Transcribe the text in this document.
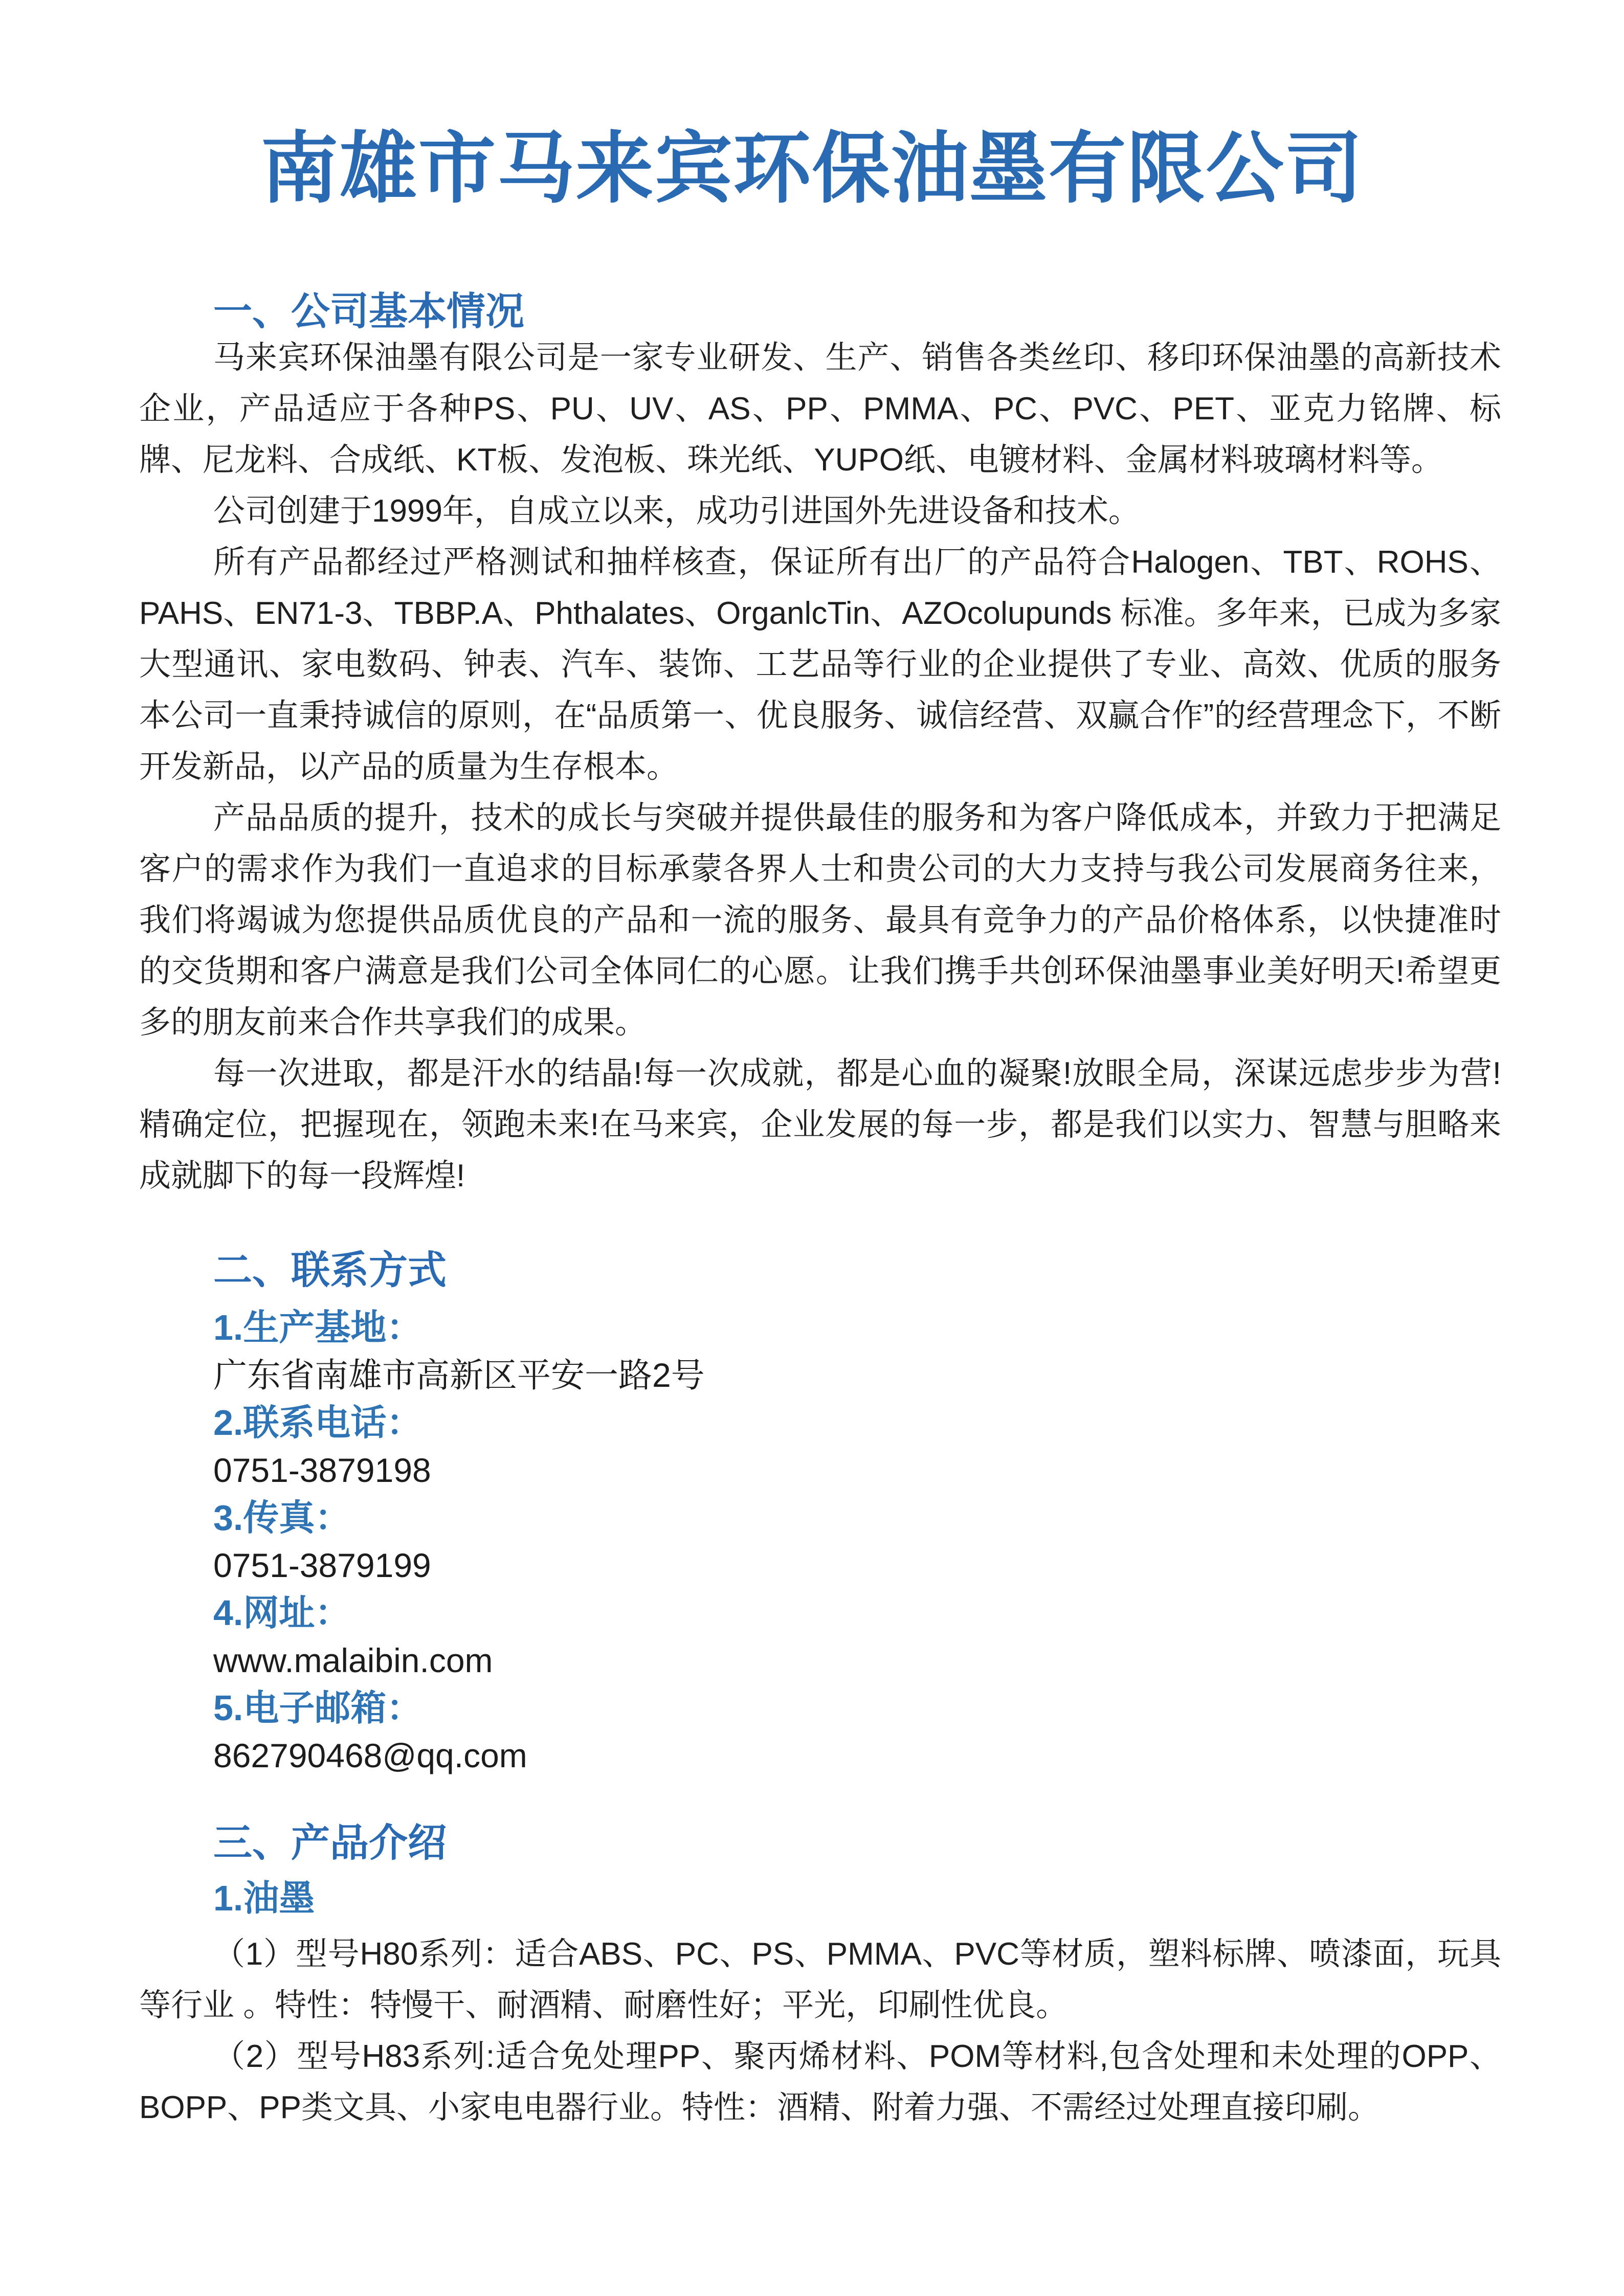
南雄市马来宾环保油墨有限公司
一、公司基本情况

马来宾环保油墨有限公司是一家专业研发、生产、销售各类丝印、移印环保油墨的高新技术企业，产品适应于各种PS、PU、UV、AS、PP、PMMA、PC、PVC、PET、亚克力铭牌、标牌、尼龙料、合成纸、KT板、发泡板、珠光纸、YUPO纸、电镀材料、金属材料玻璃材料等。

公司创建于1999年，自成立以来，成功引进国外先进设备和技术。

所有产品都经过严格测试和抽样核查，保证所有出厂的产品符合Halogen、TBT、ROHS、PAHS、EN71-3、TBBP.A、Phthalates、OrganlcTin、AZOcolupunds 标准。多年来，已成为多家大型通讯、家电数码、钟表、汽车、装饰、工艺品等行业的企业提供了专业、高效、优质的服务本公司一直秉持诚信的原则，在“品质第一、优良服务、诚信经营、双赢合作”的经营理念下，不断开发新品，以产品的质量为生存根本。

产品品质的提升，技术的成长与突破并提供最佳的服务和为客户降低成本，并致力于把满足客户的需求作为我们一直追求的目标承蒙各界人士和贵公司的大力支持与我公司发展商务往来，我们将竭诚为您提供品质优良的产品和一流的服务、最具有竞争力的产品价格体系，以快捷准时的交货期和客户满意是我们公司全体同仁的心愿。让我们携手共创环保油墨事业美好明天!希望更多的朋友前来合作共享我们的成果。

每一次进取，都是汗水的结晶!每一次成就，都是心血的凝聚!放眼全局，深谋远虑步步为营!精确定位，把握现在，领跑未来!在马来宾，企业发展的每一步，都是我们以实力、智慧与胆略来成就脚下的每一段辉煌!

二、联系方式
1.生产基地：
广东省南雄市高新区平安一路2号
2.联系电话：
0751-3879198
3.传真：
0751-3879199
4.网址：
www.malaibin.com
5.电子邮箱：
862790468@qq.com
三、产品介绍
1.油墨

（1）型号H80系列：适合ABS、PC、PS、PMMA、PVC等材质，塑料标牌、喷漆面，玩具等行业 。特性：特慢干、耐酒精、耐磨性好；平光，印刷性优良。

（2）型号H83系列:适合免处理PP、聚丙烯材料、POM等材料,包含处理和未处理的OPP、BOPP、PP类文具、小家电电器行业。特性：酒精、附着力强、不需经过处理直接印刷。
